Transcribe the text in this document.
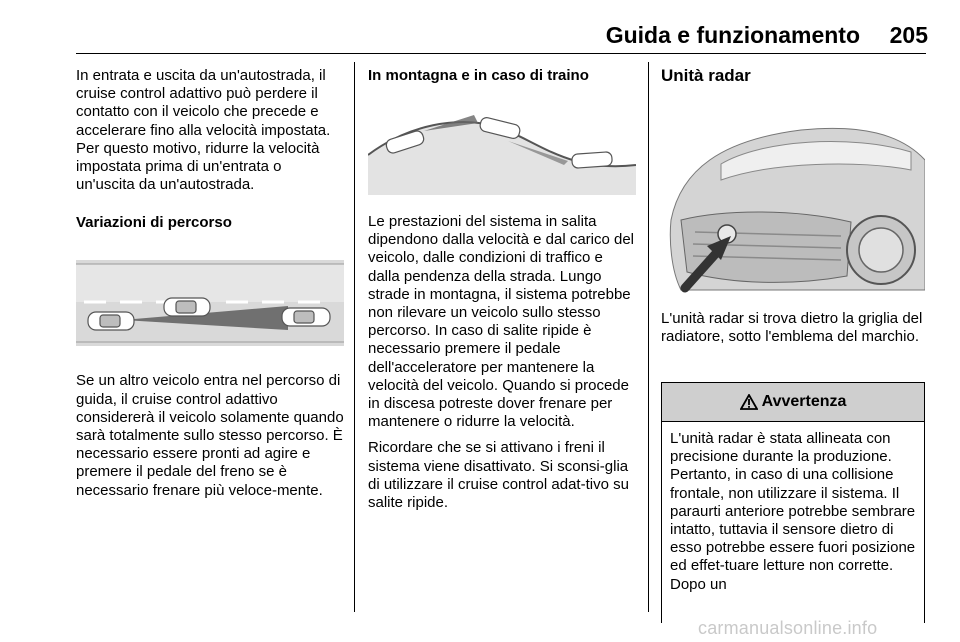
Guida e funzionamento	205

In entrata e uscita da un'autostrada, il cruise control adattivo può perdere il contatto con il veicolo che precede e accelerare fino alla velocità impostata. Per questo motivo, ridurre la velocità impostata prima di un'entrata o un'uscita da un'autostrada.

Variazioni di percorso

Se un altro veicolo entra nel percorso di guida, il cruise control adattivo considererà il veicolo solamente quando sarà totalmente sullo stesso percorso. È necessario essere pronti ad agire e premere il pedale del freno se è necessario frenare più veloce-mente.

In montagna e in caso di traino

Le prestazioni del sistema in salita dipendono dalla velocità e dal carico del veicolo, dalle condizioni di traffico e dalla pendenza della strada. Lungo strade in montagna, il sistema potrebbe non rilevare un veicolo sullo stesso percorso. In caso di salite ripide è necessario premere il pedale dell'acceleratore per mantenere la velocità del veicolo. Quando si procede in discesa potreste dover frenare per mantenere o ridurre la velocità.

Ricordare che se si attivano i freni il sistema viene disattivato. Si sconsi-glia di utilizzare il cruise control adat-tivo su salite ripide.

Unità radar

L'unità radar si trova dietro la griglia del radiatore, sotto l'emblema del marchio.

Avvertenza
L'unità radar è stata allineata con precisione durante la produzione. Pertanto, in caso di una collisione frontale, non utilizzare il sistema. Il paraurti anteriore potrebbe sembrare intatto, tuttavia il sensore dietro di esso potrebbe essere fuori posizione ed effet-tuare letture non corrette. Dopo un
carmanualsonline.info
